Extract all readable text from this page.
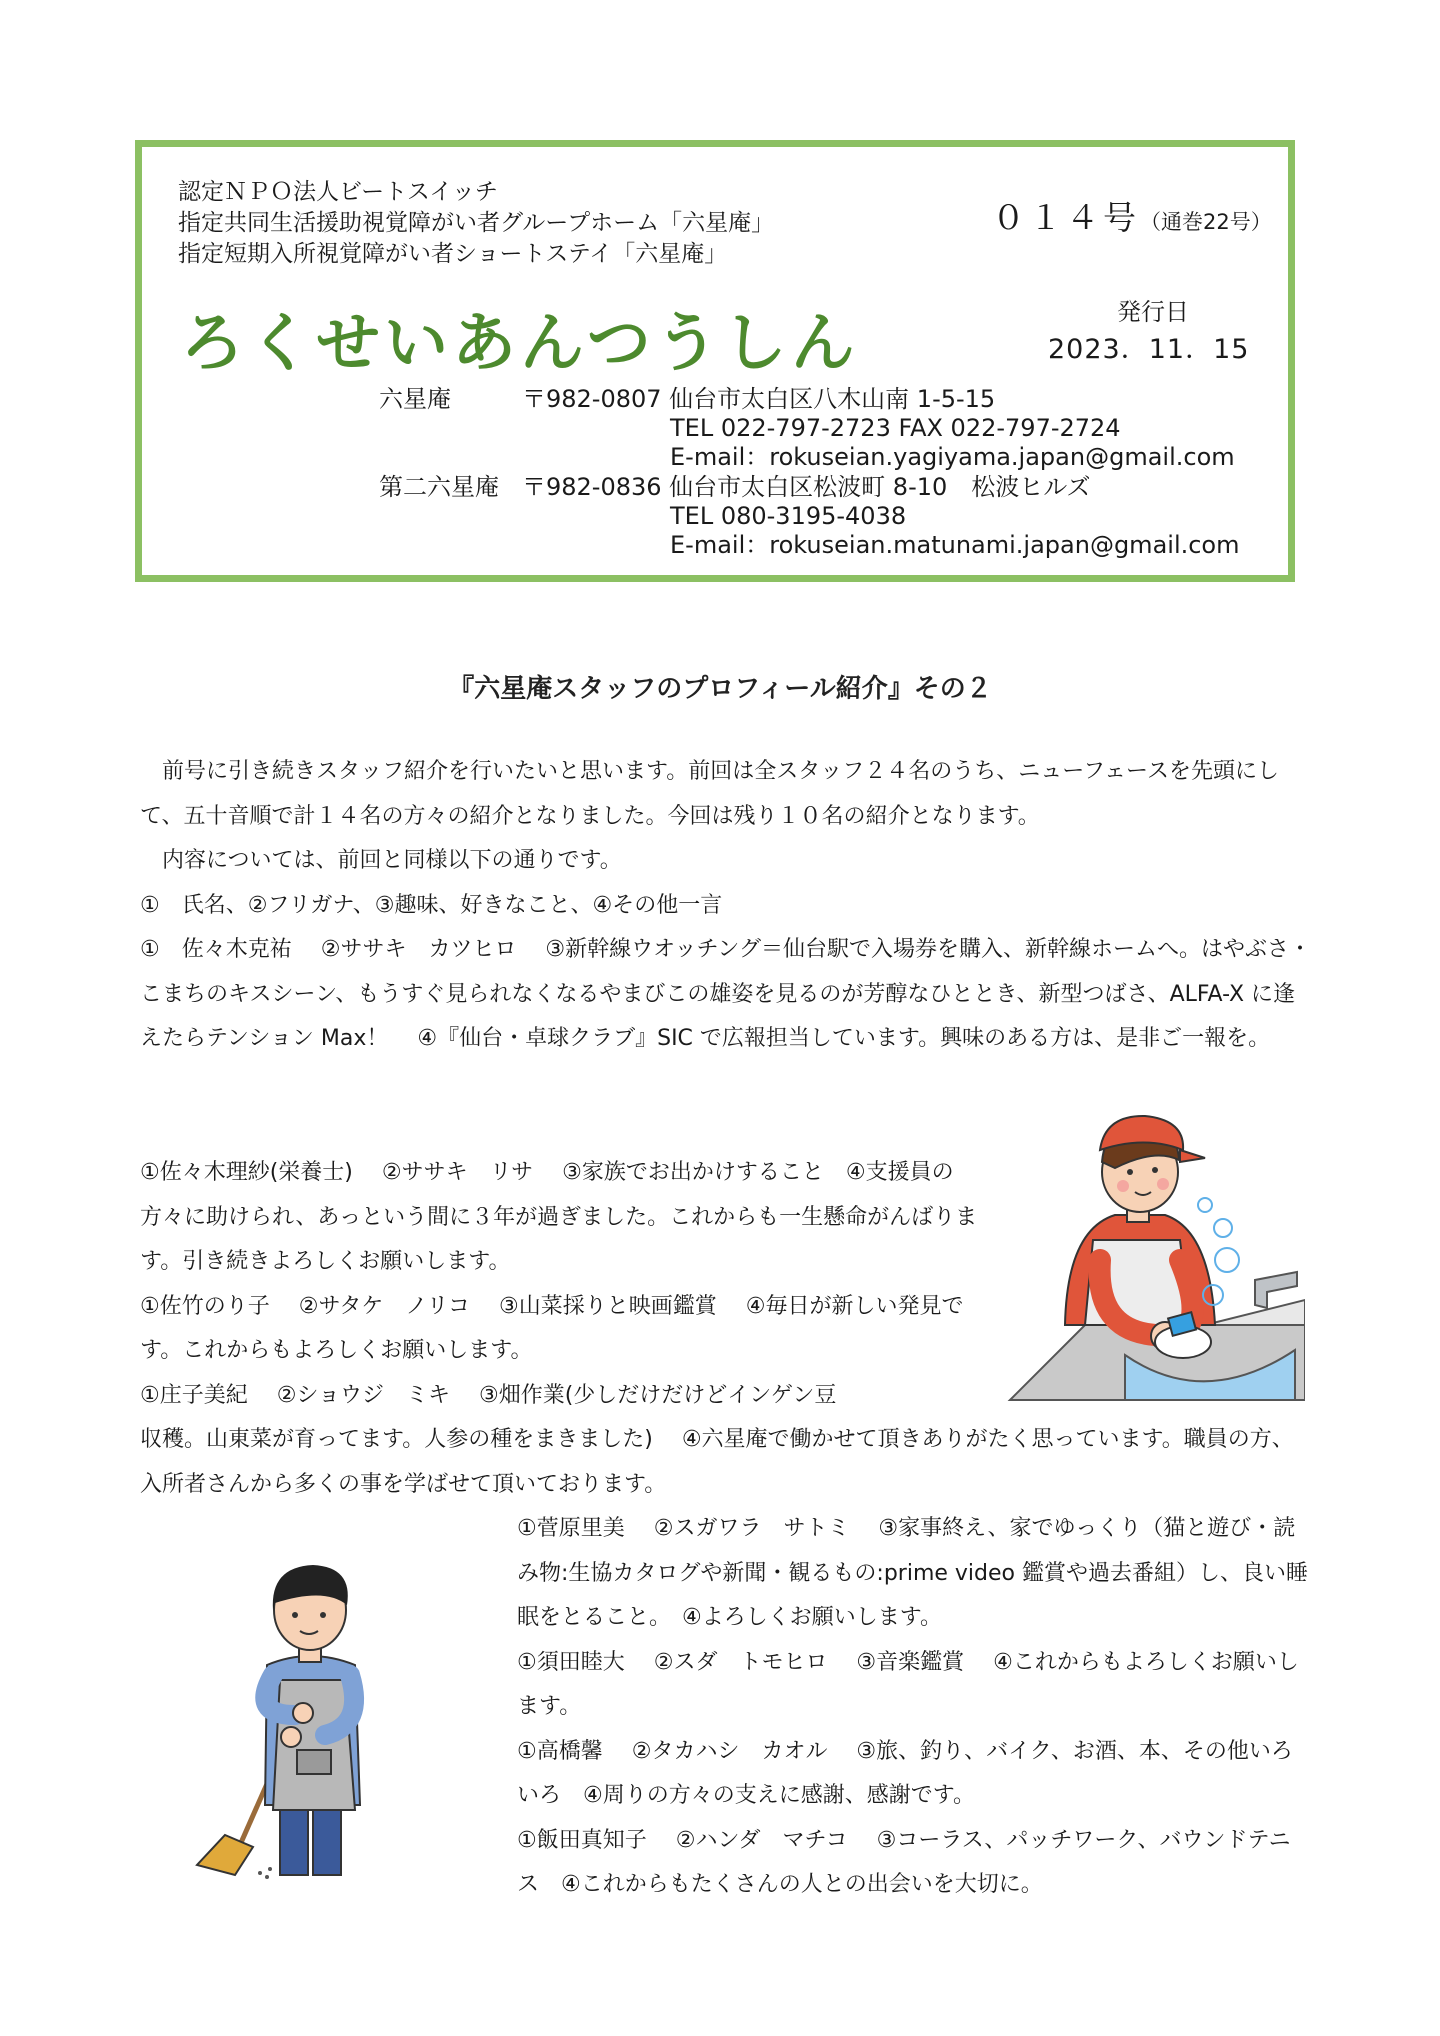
認定ＮＰＯ法人ビートスイッチ
指定共同生活援助視覚障がい者グループホーム「六星庵」
指定短期入所視覚障がい者ショートステイ「六星庵」
０１４号（通巻22号）
ろくせいあんつうしん	発行日
2023．11．15
六星庵	〒982-0807 仙台市太白区八木山南 1-5-15
TEL 022-797-2723 FAX 022-797-2724
E-mail：rokuseian.yagiyama.japan@gmail.com
第二六星庵 〒982-0836 仙台市太白区松波町 8-10　松波ヒルズ
TEL 080-3195-4038
E-mail：rokuseian.matunami.japan@gmail.com
『六星庵スタッフのプロフィール紹介』その２

　前号に引き続きスタッフ紹介を行いたいと思います。前回は全スタッフ２４名のうち、ニューフェースを先頭にして、五十音順で計１４名の方々の紹介となりました。今回は残り１０名の紹介となります。

　内容については、前回と同様以下の通りです。

①　氏名、②フリガナ、③趣味、好きなこと、④その他一言

①　佐々木克祐　 ②ササキ　カツヒロ　 ③新幹線ウオッチング＝仙台駅で入場券を購入、新幹線ホームへ。はやぶさ・こまちのキスシーン、もうすぐ見られなくなるやまびこの雄姿を見るのが芳醇なひととき、新型つばさ、ALFA-X に逢えたらテンション Max！　 ④『仙台・卓球クラブ』SIC で広報担当しています。興味のある方は、是非ご一報を。

①佐々木理紗(栄養士)　 ②ササキ　リサ　 ③家族でお出かけすること　④支援員の方々に助けられ、あっという間に３年が過ぎました。これからも一生懸命がんばります。引き続きよろしくお願いします。

①佐竹のり子　 ②サタケ　ノリコ　 ③山菜採りと映画鑑賞　 ④毎日が新しい発見です。これからもよろしくお願いします。

①庄子美紀　 ②ショウジ　ミキ　 ③畑作業(少しだけだけどインゲン豆

収穫。山東菜が育ってます。人参の種をまきました)　 ④六星庵で働かせて頂きありがたく思っています。職員の方、入所者さんから多くの事を学ばせて頂いております。

①菅原里美　 ②スガワラ　サトミ　 ③家事終え、家でゆっくり（猫と遊び・読み物:生協カタログや新聞・観るもの:prime video 鑑賞や過去番組）し、良い睡眠をとること。　④よろしくお願いします。

①須田睦大　 ②スダ　トモヒロ　 ③音楽鑑賞　 ④これからもよろしくお願いします。

①高橋馨　 ②タカハシ　カオル　 ③旅、釣り、バイク、お酒、本、その他いろいろ　④周りの方々の支えに感謝、感謝です。

①飯田真知子　 ②ハンダ　マチコ　 ③コーラス、パッチワーク、バウンドテニス　④これからもたくさんの人との出会いを大切に。
